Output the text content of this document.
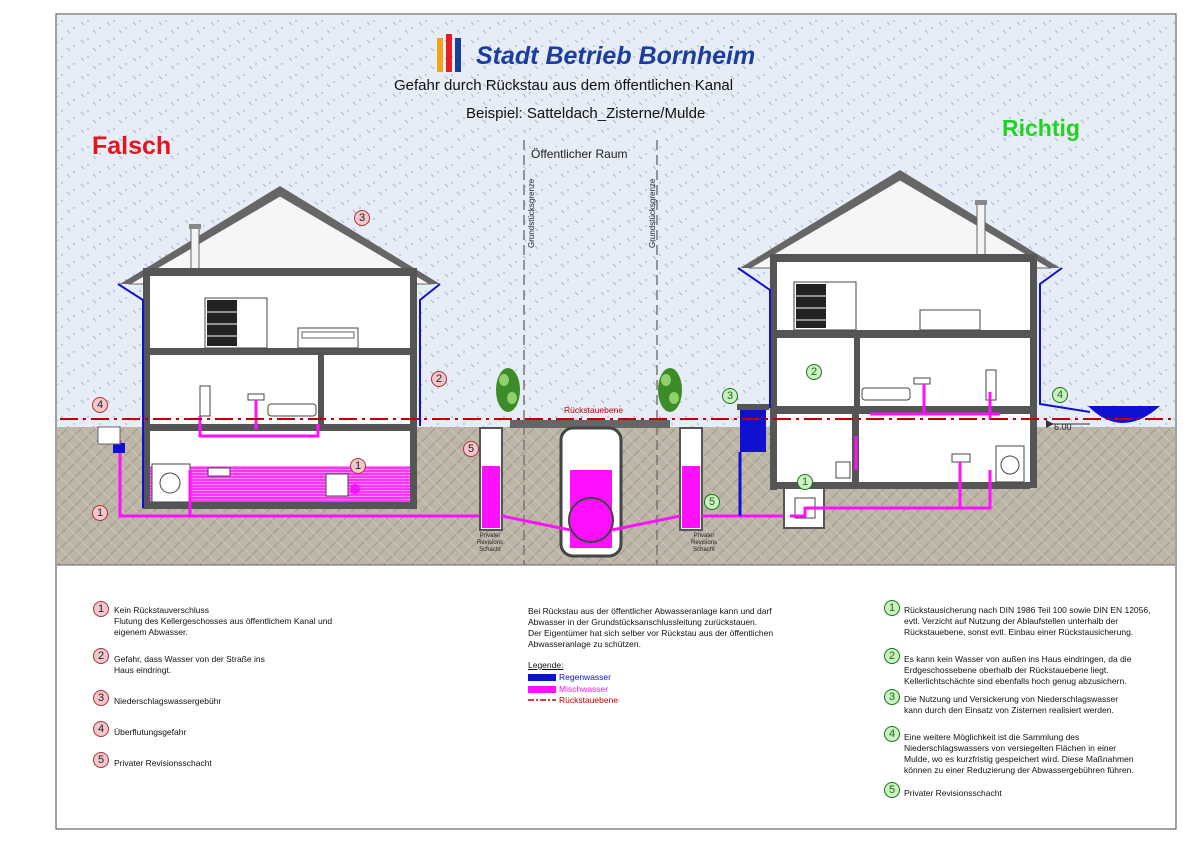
Stadt Betrieb Bornheim
Gefahr durch Rückstau aus dem öffentlichen Kanal
Beispiel: Satteldach_Zisterne/Mulde
Falsch
Richtig
Öffentlicher Raum
Grundstücksgrenze	Grundstücksgrenze
Rückstauebene
6.00
Privater
Revisions
Schacht
Privater
Revisions
Schacht
3
2
4
5
1
1
2
3	4
1
5
1	Kein Rückstauverschluss
Flutung des Kellergeschosses aus öffentlichem Kanal und
eigenem Abwasser.
2	Gefahr, dass Wasser von der Straße ins
Haus eindringt.
3	Niederschlagswassergebühr
4	Überflutungsgefahr
5	Privater Revisionsschacht
Bei Rückstau aus der öffentlicher Abwasseranlage kann und darf
Abwasser in der Grundstücksanschlussleitung zurückstauen.
Der Eigentümer hat sich selber vor Rückstau aus der öffentlichen
Abwasseranlage zu schützen.
Legende:
Regenwasser
Mischwasser
Rückstauebene
1	Rückstausicherung nach DIN 1986 Teil 100 sowie DIN EN 12056,
evtl. Verzicht auf Nutzung der Ablaufstellen unterhalb der
Rückstauebene, sonst evtl. Einbau einer Rückstausicherung.
2	Es kann kein Wasser von außen ins Haus eindringen, da die
Erdgeschossebene oberhalb der Rückstauebene liegt.
Kellerlichtschächte sind ebenfalls hoch genug abzusichern.
3	Die Nutzung und Versickerung von Niederschlagswasser
kann durch den Einsatz von Zisternen realisiert werden.
4	Eine weitere Möglichkeit ist die Sammlung des
Niederschlagswassers von versiegelten Flächen in einer
Mulde, wo es kurzfristig gespeichert wird. Diese Maßnahmen
können zu einer Reduzierung der Abwassergebühren führen.
5	Privater Revisionsschacht
